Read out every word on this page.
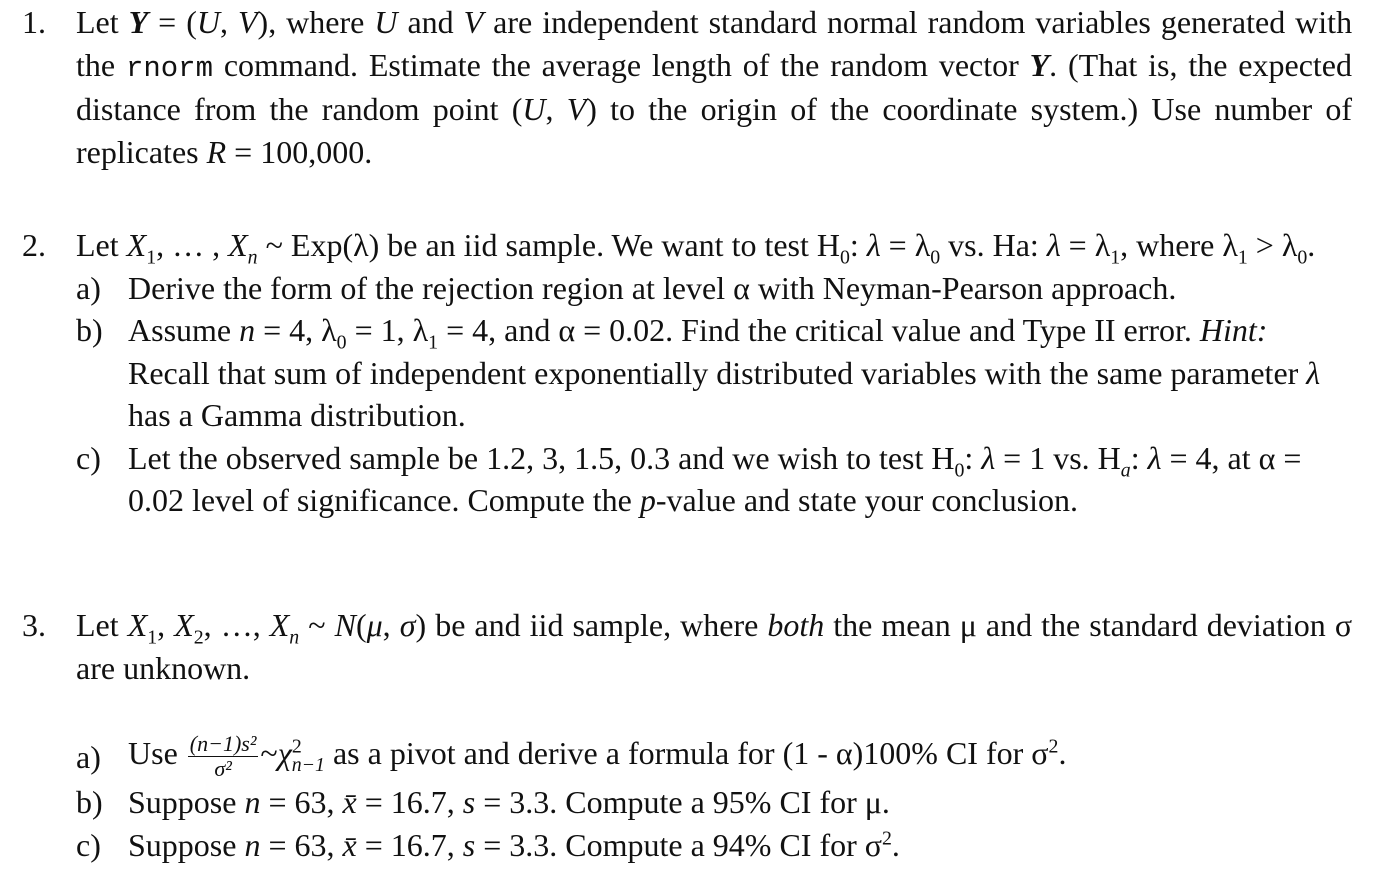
1. Let Y = (U, V), where U and V are independent standard normal random variables generated with the rnorm command. Estimate the average length of the random vector Y. (That is, the expected distance from the random point (U, V) to the origin of the coordinate system.) Use number of replicates R = 100,000.
2. Let $X_1$, … , $X_n$ ~ Exp(λ) be an iid sample. We want to test $H_0$: $\lambda = \lambda_0$ vs. Ha: $\lambda = \lambda_1$, where $\lambda_1 > \lambda_0$.
a) Derive the form of the rejection region at level α with Neyman-Pearson approach.
b) Assume n = 4, $\lambda_0 = 1$, $\lambda_1 = 4$, and α = 0.02. Find the critical value and Type II error. Hint: Recall that sum of independent exponentially distributed variables with the same parameter λ has a Gamma distribution.
c) Let the observed sample be 1.2, 3, 1.5, 0.3 and we wish to test $H_0$: λ = 1 vs. $H_a$: λ = 4, at α = 0.02 level of significance. Compute the p-value and state your conclusion.
3. Let $X_1$, $X_2$, …, $X_n$ ~ N(μ, σ) be and iid sample, where both the mean μ and the standard deviation σ are unknown.
a) Use $\frac{\text{(n−1)s²}}{\text{σ²}}$ $\sim\chi^2_{n-1}$ as a pivot and derive a formula for (1 - α)100% CI for $\sigma^2$.
b) Suppose n = 63, x̄ = 16.7, s = 3.3. Compute a 95% CI for μ.
c) Suppose n = 63, x̄ = 16.7, s = 3.3. Compute a 94% CI for $\sigma^2$.
